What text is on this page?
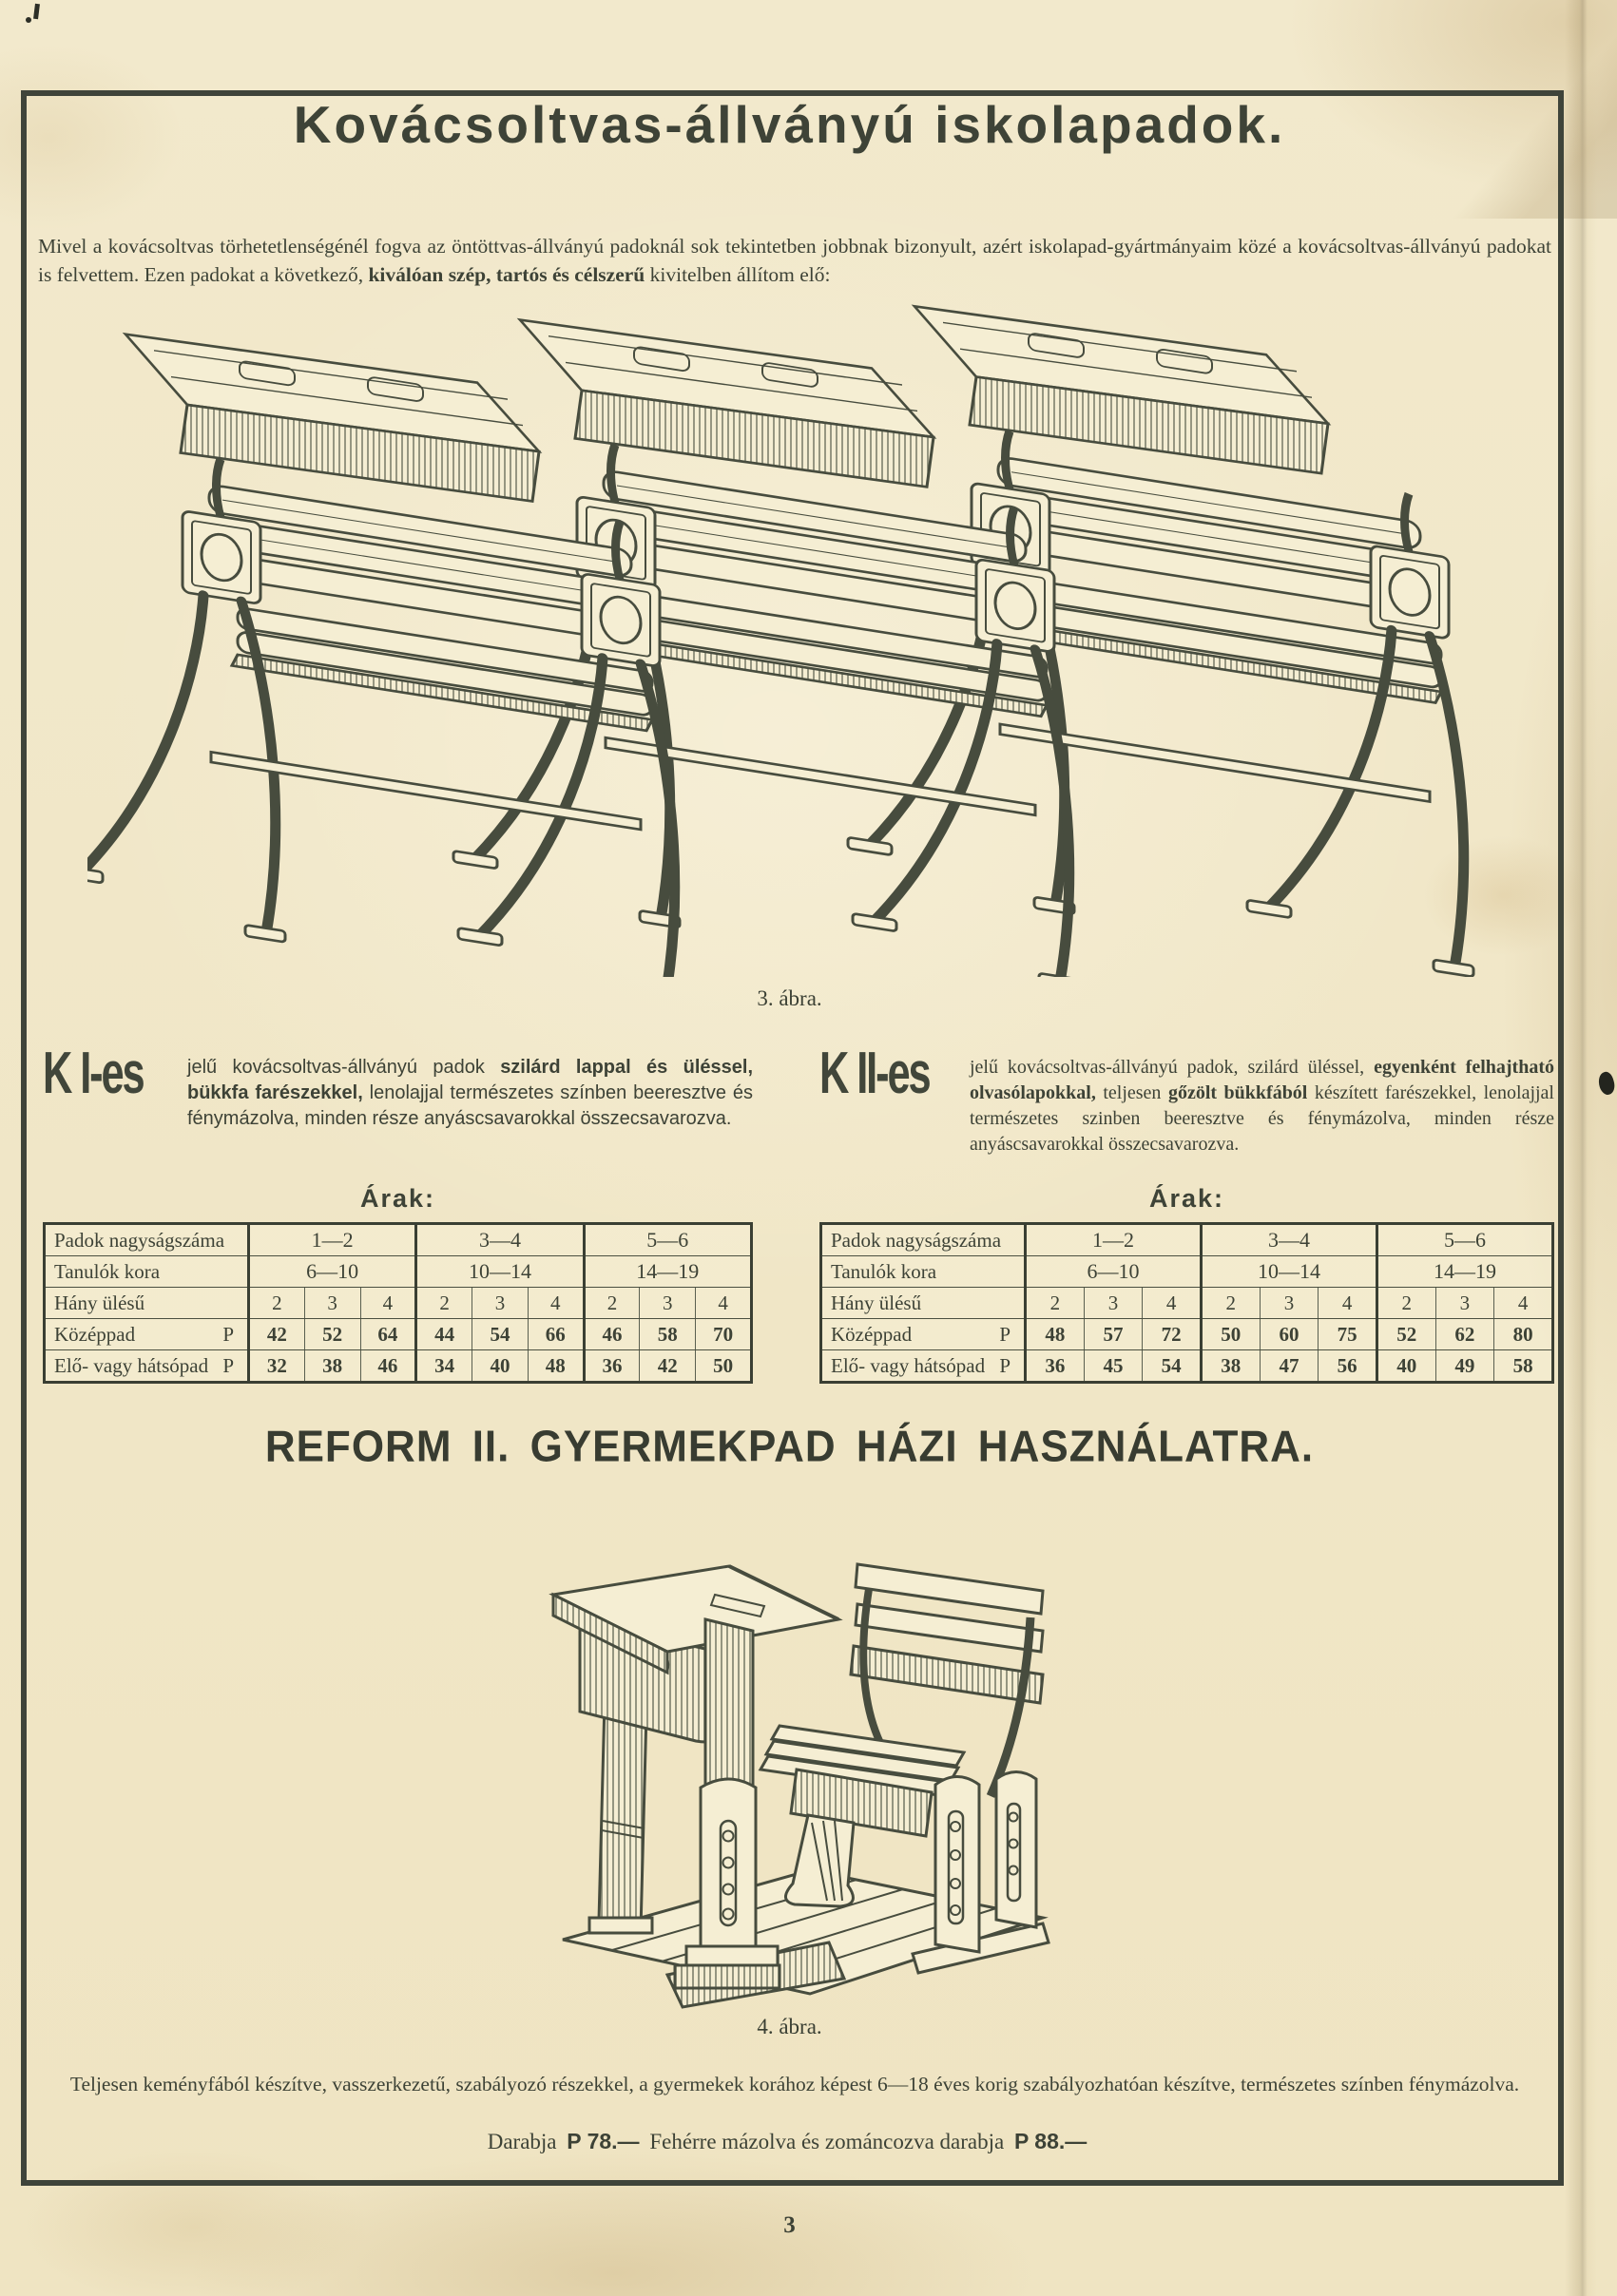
Kovácsoltvas-állványú iskolapadok.

Mivel a kovácsoltvas törhetetlenségénél fogva az öntöttvas-állványú padoknál sok tekintetben jobbnak bizonyult, azért iskolapad-gyártmányaim közé a kovácsoltvas-állványú padokat is felvettem. Ezen padokat a következő, kiválóan szép, tartós és célszerű kivitelben állítom elő:

3. ábra.
K I-es jelű kovácsoltvas-állványú padok szilárd lappal és üléssel, bükkfa farészekkel, lenolajjal természetes színben beeresztve és fénymázolva, minden része anyáscsavarokkal összecsavarozva.

Árak:
Padok nagyságszáma	1—2			3—4			5—6		
Tanulók kora	6—10			10—14			14—19		
Hány ülésű	2	3	4	2	3	4	2	3	4
Középpad P	42	52	64	44	54	66	46	58	70
Elő- vagy hátsópad P	32	38	46	34	40	48	36	42	50
K II-es jelű kovácsoltvas-állványú padok, szilárd üléssel, egyenként felhajtható olvasólapokkal, teljesen gőzölt bükkfából készített farészekkel, lenolajjal természetes szinben beeresztve és fénymázolva, minden része anyáscsavarokkal összecsavarozva.

Árak:
Padok nagyságszáma	1—2			3—4			5—6		
Tanulók kora	6—10			10—14			14—19		
Hány ülésű	2	3	4	2	3	4	2	3	4
Középpad P	48	57	72	50	60	75	52	62	80
Elő- vagy hátsópad P	36	45	54	38	47	56	40	49	58
REFORM II. GYERMEKPAD HÁZI HASZNÁLATRA.
4. ábra.

Teljesen keményfából készítve, vasszerkezetű, szabályozó részekkel, a gyermekek korához képest 6—18 éves korig szabályozhatóan készítve, természetes színben fénymázolva.

Darabja P 78.— Fehérre mázolva és zománcozva darabja P 88.—
3
